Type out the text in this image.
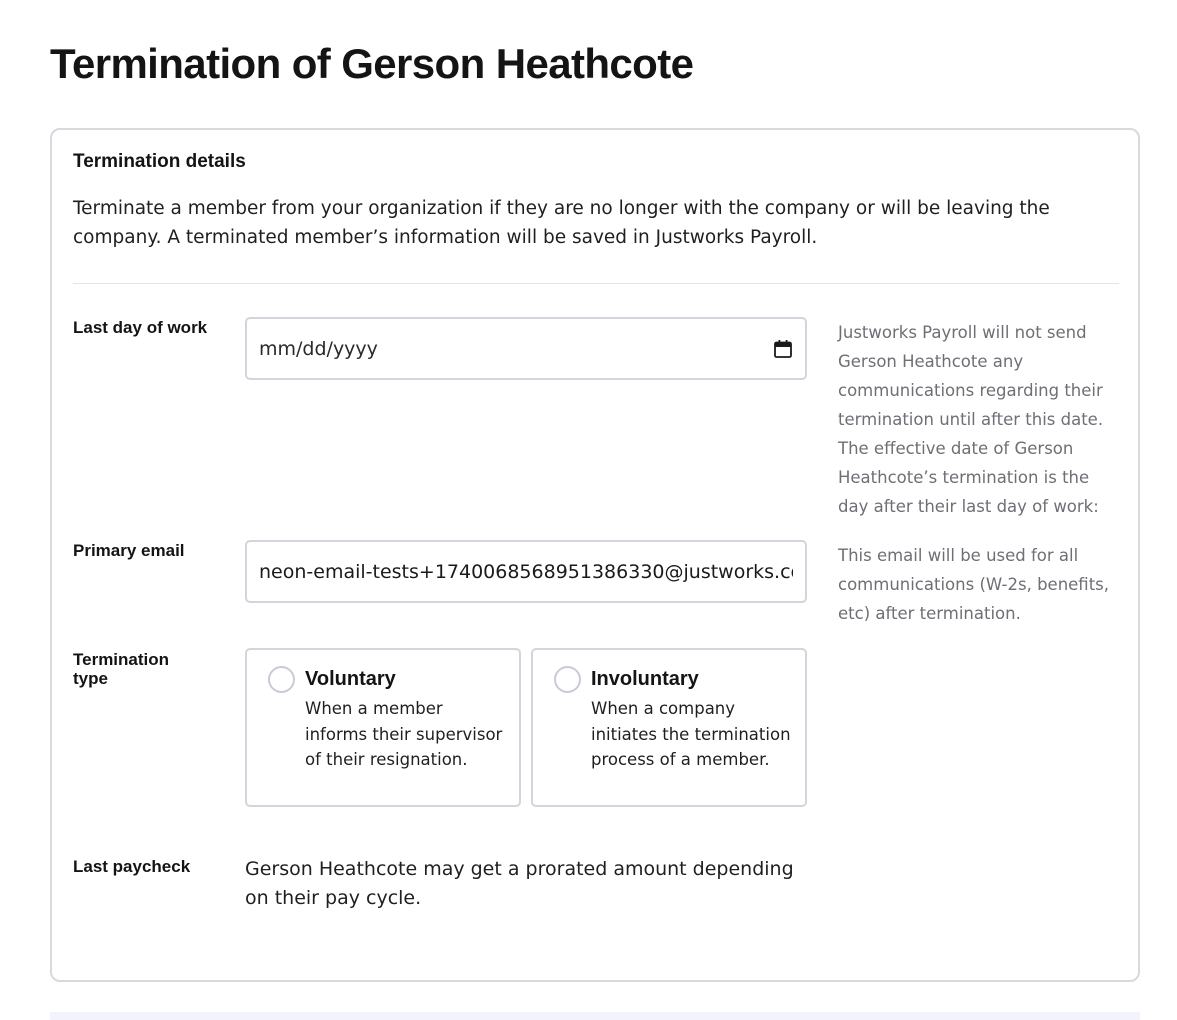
Termination of Gerson Heathcote
Termination details

Terminate a member from your organization if they are no longer with the company or will be leaving the company. A terminated member’s information will be saved in Justworks Payroll.

Last day of work
mm/dd/yyyy	Justworks Payroll will not send Gerson Heathcote any communications regarding their termination until after this date. The effective date of Gerson Heathcote’s termination is the day after their last day of work:

Primary email
neon-email-tests+1740068568951386330@justworks.com	This email will be used for all communications (W-2s, benefits, etc) after termination.

Termination type	Voluntary
When a member informs their supervisor of their resignation.
Involuntary
When a company initiates the termination process of a member.
Last paycheck	Gerson Heathcote may get a prorated amount depending on their pay cycle.
